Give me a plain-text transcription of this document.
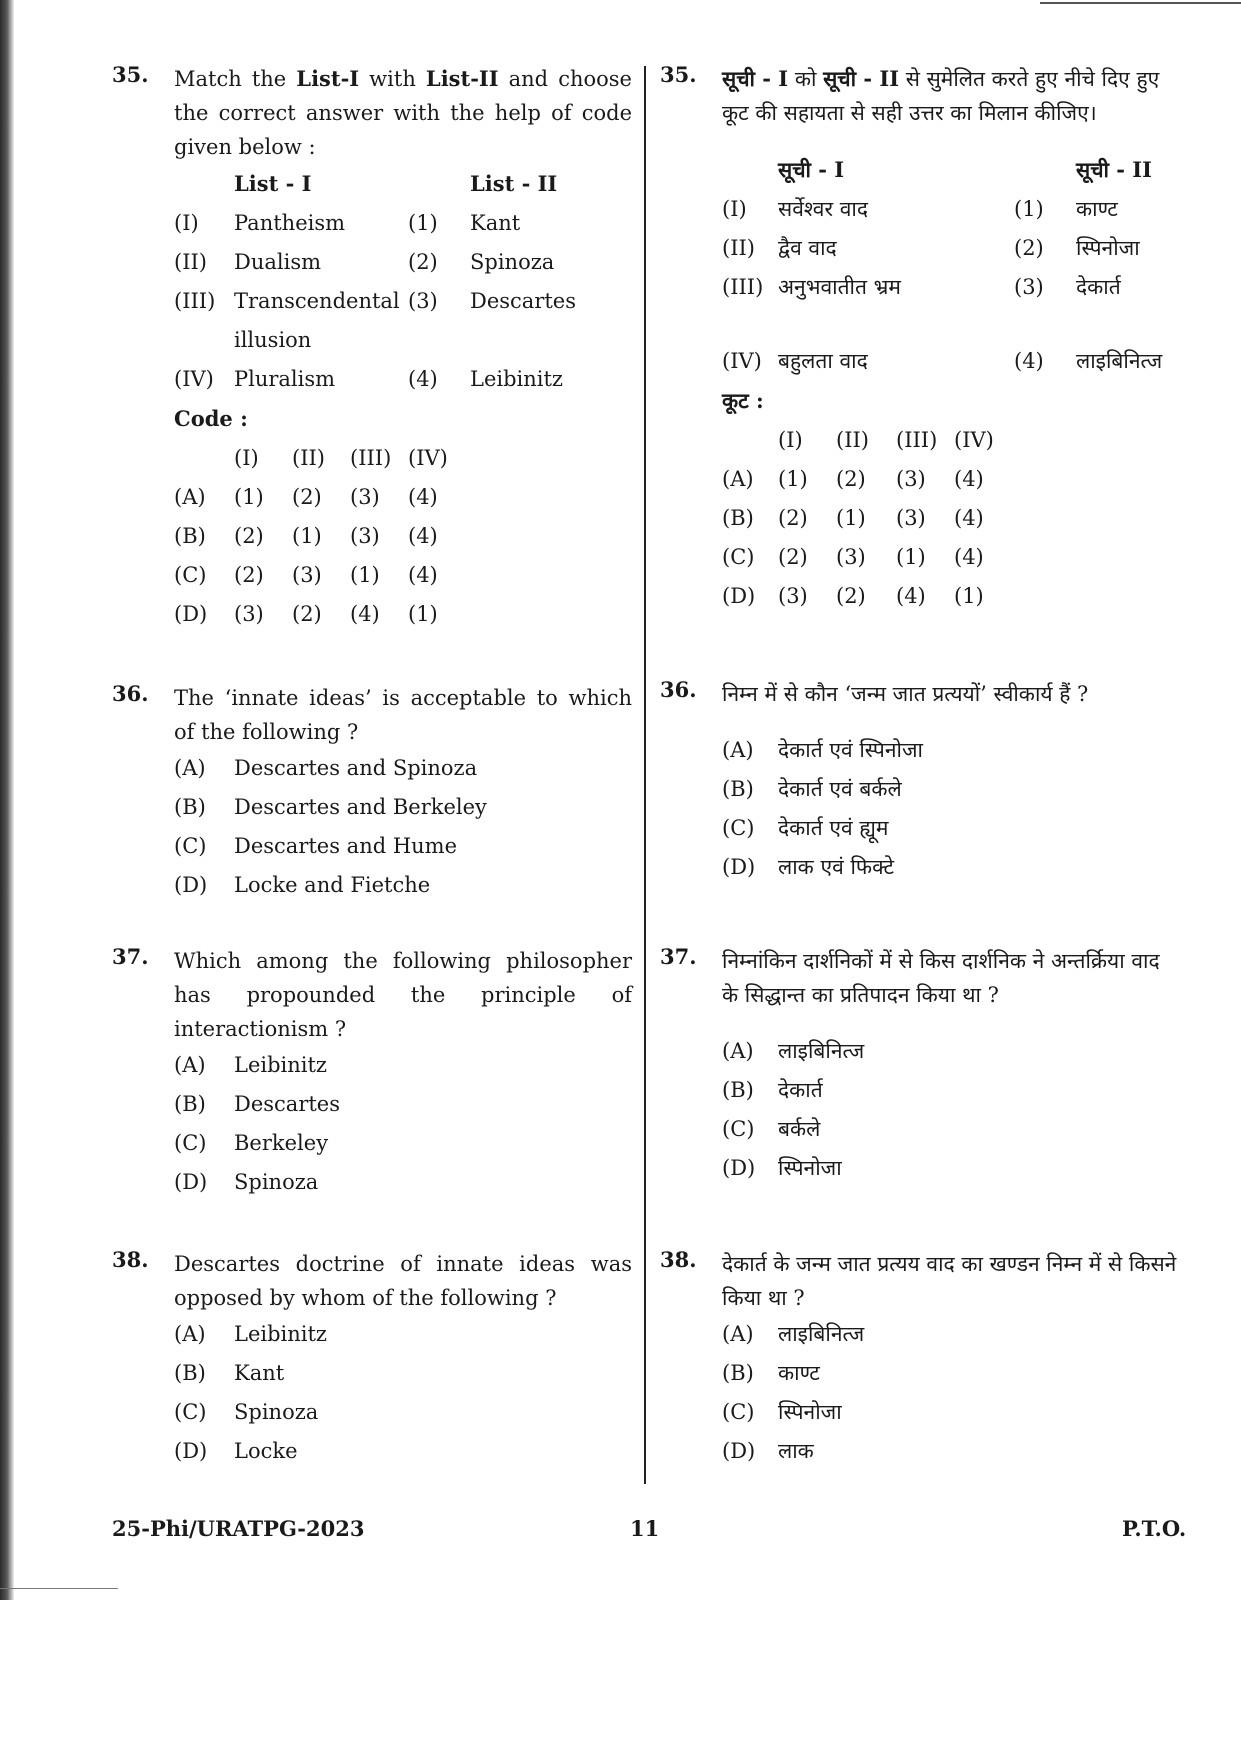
35. Match the List-I with List-II and choose the correct answer with the help of code given below :
List - I	List - II
(I) Pantheism	(1) Kant
(II) Dualism	(2) Spinoza
(III) Transcendental (3) Descartes
illusion
(IV) Pluralism	(4) Leibinitz
Code :
(I) (II) (III) (IV)
(A) (1) (2) (3) (4)
(B) (2) (1) (3) (4)
(C) (2) (3) (1) (4)
(D) (3) (2) (4) (1)
36. The ‘innate ideas’ is acceptable to which of the following ?
(A) Descartes and Spinoza
(B) Descartes and Berkeley
(C) Descartes and Hume
(D) Locke and Fietche
37. Which among the following philosopher has propounded the principle of interactionism ?
(A) Leibinitz
(B) Descartes
(C) Berkeley
(D) Spinoza
38. Descartes doctrine of innate ideas was opposed by whom of the following ?
(A) Leibinitz
(B) Kant
(C) Spinoza
(D) Locke
35. सूची - I को सूची - II से सुमेलित करते हुए नीचे दिए हुए कूट की सहायता से सही उत्तर का मिलान कीजिए।
सूची - I	सूची - II
(I) सर्वेश्वर वाद	(1) काण्ट
(II) द्वैव वाद	(2) स्पिनोजा
(III) अनुभवातीत भ्रम	(3) देकार्त
(IV) बहुलता वाद	(4) लाइबिनित्ज
कूट :
(I) (II) (III) (IV)
(A) (1) (2) (3) (4)
(B) (2) (1) (3) (4)
(C) (2) (3) (1) (4)
(D) (3) (2) (4) (1)
36. निम्न में से कौन ‘जन्म जात प्रत्ययों’ स्वीकार्य हैं ?
(A) देकार्त एवं स्पिनोजा
(B) देकार्त एवं बर्कले
(C) देकार्त एवं ह्यूम
(D) लाक एवं फिक्टे
37. निम्नांकिन दार्शनिकों में से किस दार्शनिक ने अन्तर्क्रिया वाद के सिद्धान्त का प्रतिपादन किया था ?
(A) लाइबिनित्ज
(B) देकार्त
(C) बर्कले
(D) स्पिनोजा
38. देकार्त के जन्म जात प्रत्यय वाद का खण्डन निम्न में से किसने किया था ?
(A) लाइबिनित्ज
(B) काण्ट
(C) स्पिनोजा
(D) लाक
25-Phi/URATPG-2023	11	P.T.O.
